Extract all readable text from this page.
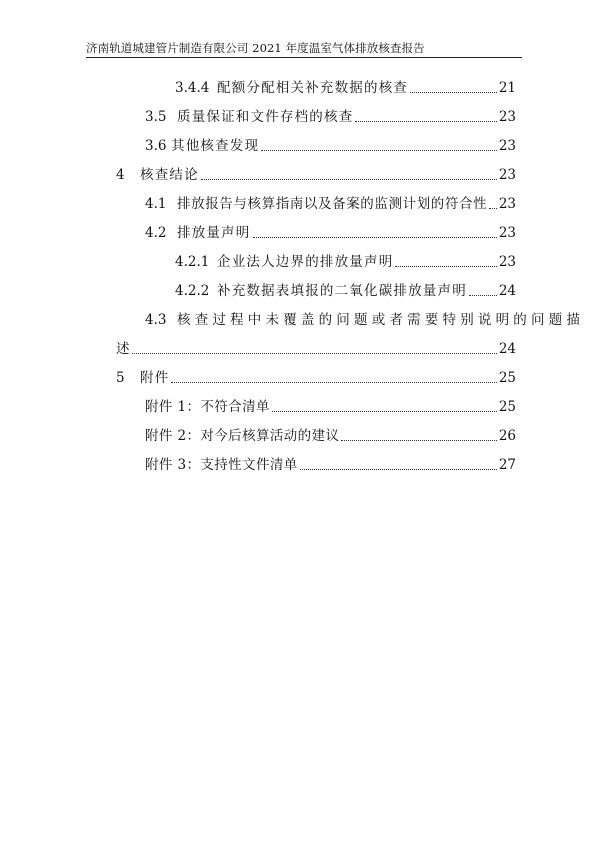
济南轨道城建管片制造有限公司 2021 年度温室气体排放核查报告
3.4.4 配额分配相关补充数据的核查	21
3.5 质量保证和文件存档的核查	23
3.6 其他核查发现	23
4	核查结论	23
4.1 排放报告与核算指南以及备案的监测计划的符合性 23
4.2 排放量声明	23
4.2.1 企业法人边界的排放量声明	23
4.2.2 补充数据表填报的二氧化碳排放量声明 24
4.3 核查过程中未覆盖的问题或者需要特别说明的问题描
述	24
5	附件	25
附件 1：不符合清单	25
附件 2：对今后核算活动的建议	26
附件 3：支持性文件清单	27
